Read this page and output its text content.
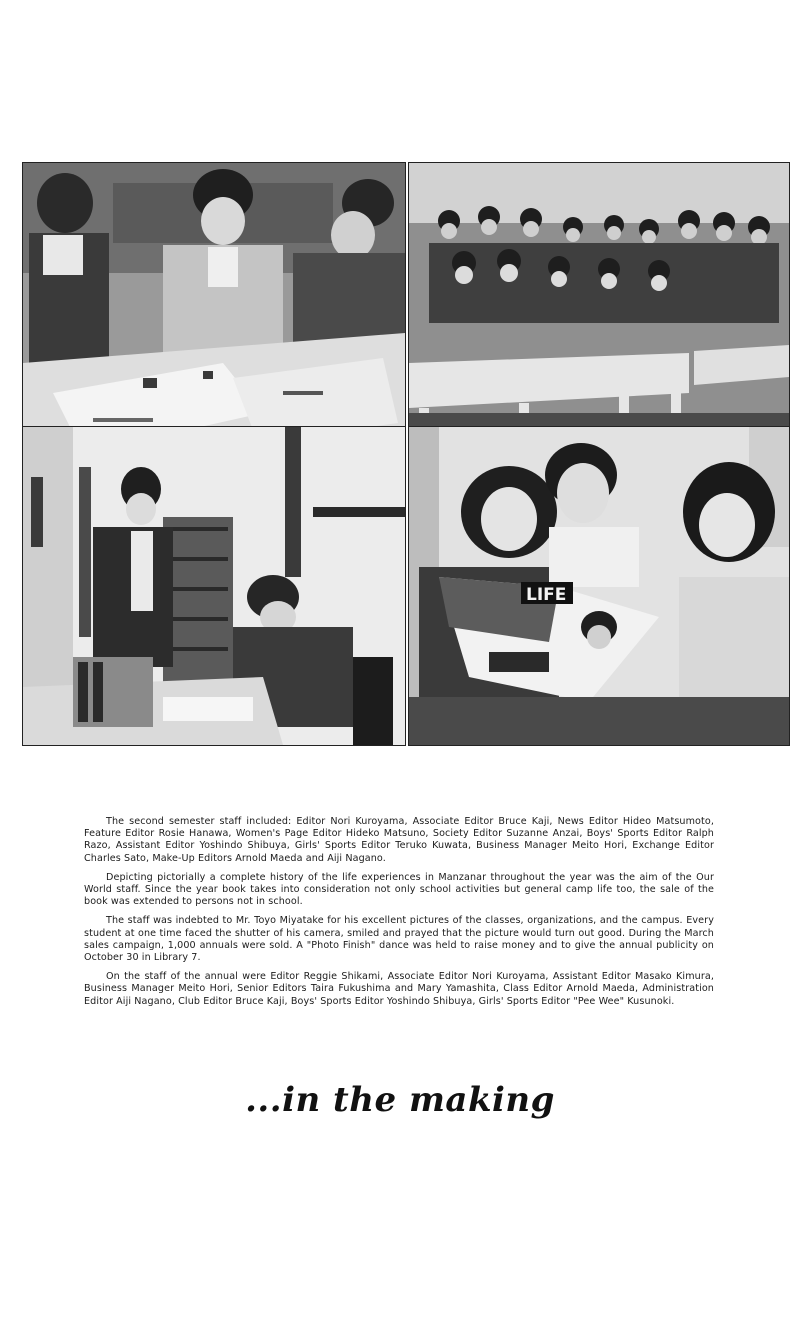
LIFE

The second semester staff included: Editor Nori Kuroyama, Associate Editor Bruce Kaji, News Editor Hideo Matsumoto, Feature Editor Rosie Hanawa, Women's Page Editor Hideko Matsuno, Society Editor Suzanne Anzai, Boys' Sports Editor Ralph Razo, Assistant Editor Yoshindo Shibuya, Girls' Sports Editor Teruko Kuwata, Business Manager Meito Hori, Exchange Editor Charles Sato, Make-Up Editors Arnold Maeda and Aiji Nagano.

Depicting pictorially a complete history of the life experiences in Manzanar throughout the year was the aim of the Our World staff. Since the year book takes into consideration not only school activities but general camp life too, the sale of the book was extended to persons not in school.

The staff was indebted to Mr. Toyo Miyatake for his excellent pictures of the classes, organizations, and the campus. Every student at one time faced the shutter of his camera, smiled and prayed that the picture would turn out good. During the March sales campaign, 1,000 annuals were sold. A "Photo Finish" dance was held to raise money and to give the annual publicity on October 30 in Library 7.

On the staff of the annual were Editor Reggie Shikami, Associate Editor Nori Kuroyama, Assistant Editor Masako Kimura, Business Manager Meito Hori, Senior Editors Taira Fukushima and Mary Yamashita, Class Editor Arnold Maeda, Administration Editor Aiji Nagano, Club Editor Bruce Kaji, Boys' Sports Editor Yoshindo Shibuya, Girls' Sports Editor "Pee Wee" Kusunoki.

...in the making
